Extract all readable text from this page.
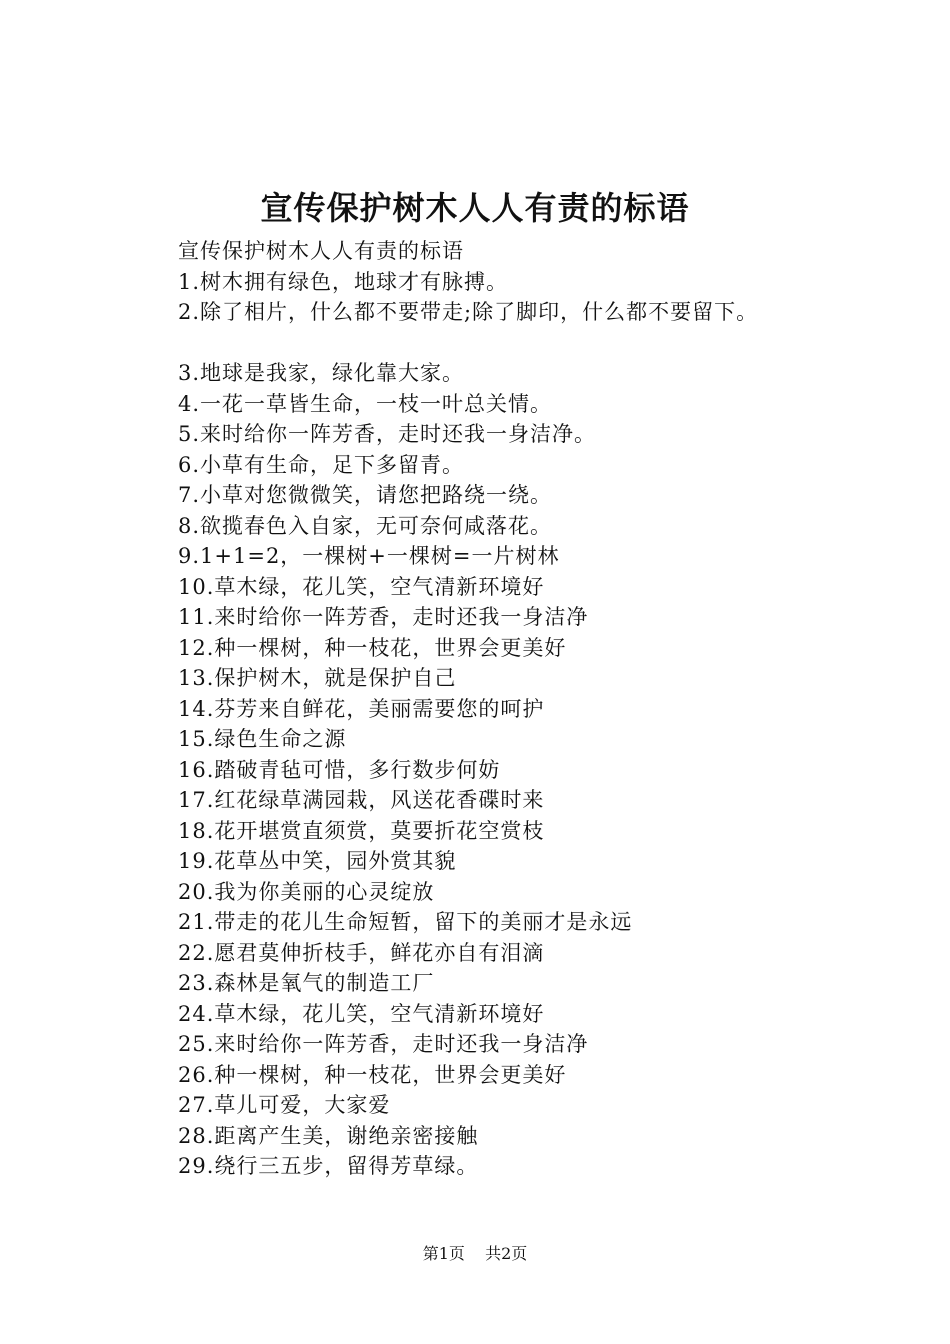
宣传保护树木人人有责的标语
宣传保护树木人人有责的标语
1.树木拥有绿色，地球才有脉搏。
2.除了相片，什么都不要带走;除了脚印，什么都不要留下。
3.地球是我家，绿化靠大家。
4.一花一草皆生命，一枝一叶总关情。
5.来时给你一阵芳香，走时还我一身洁净。
6.小草有生命，足下多留青。
7.小草对您微微笑，请您把路绕一绕。
8.欲揽春色入自家，无可奈何咸落花。
9.1+1=2，一棵树+一棵树=一片树林
10.草木绿，花儿笑，空气清新环境好
11.来时给你一阵芳香，走时还我一身洁净
12.种一棵树，种一枝花，世界会更美好
13.保护树木，就是保护自己
14.芬芳来自鲜花，美丽需要您的呵护
15.绿色生命之源
16.踏破青毡可惜，多行数步何妨
17.红花绿草满园栽，风送花香碟时来
18.花开堪赏直须赏，莫要折花空赏枝
19.花草丛中笑，园外赏其貌
20.我为你美丽的心灵绽放
21.带走的花儿生命短暂，留下的美丽才是永远
22.愿君莫伸折枝手，鲜花亦自有泪滴
23.森林是氧气的制造工厂
24.草木绿，花儿笑，空气清新环境好
25.来时给你一阵芳香，走时还我一身洁净
26.种一棵树，种一枝花，世界会更美好
27.草儿可爱，大家爱
28.距离产生美，谢绝亲密接触
29.绕行三五步，留得芳草绿。
第1页 共2页
